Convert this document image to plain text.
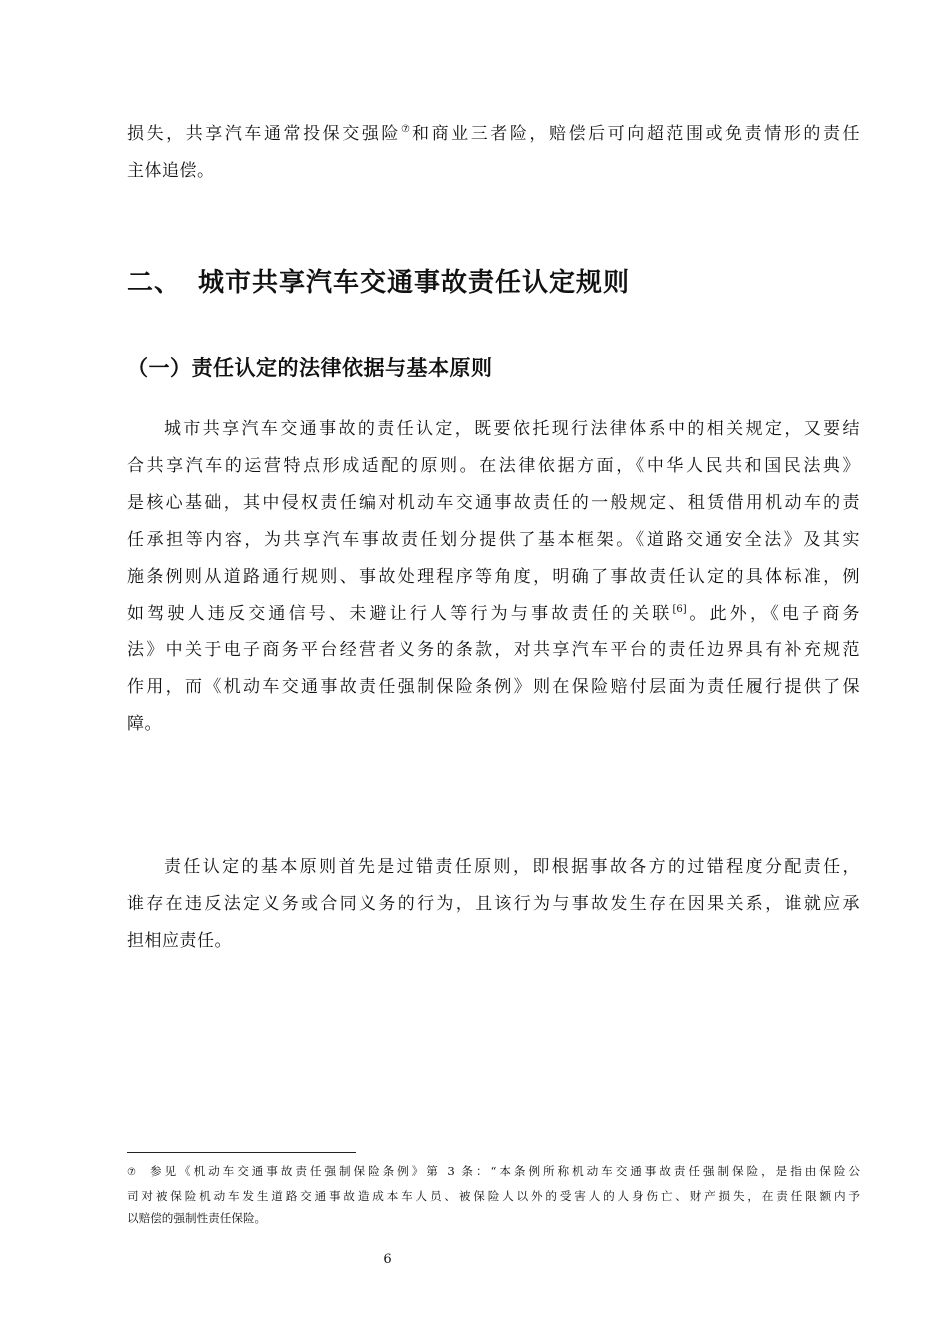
损失，共享汽车通常投保交强险⑦和商业三者险，赔偿后可向超范围或免责情形的责任
主体追偿。

二、 城市共享汽车交通事故责任认定规则
（一）责任认定的法律依据与基本原则

城市共享汽车交通事故的责任认定，既要依托现行法律体系中的相关规定，又要结
合共享汽车的运营特点形成适配的原则。在法律依据方面，《中华人民共和国民法典》
是核心基础，其中侵权责任编对机动车交通事故责任的一般规定、租赁借用机动车的责
任承担等内容，为共享汽车事故责任划分提供了基本框架。《道路交通安全法》及其实
施条例则从道路通行规则、事故处理程序等角度，明确了事故责任认定的具体标准，例
如驾驶人违反交通信号、未避让行人等行为与事故责任的关联[6]。此外，《电子商务
法》中关于电子商务平台经营者义务的条款，对共享汽车平台的责任边界具有补充规范
作用，而《机动车交通事故责任强制保险条例》则在保险赔付层面为责任履行提供了保
障。

责任认定的基本原则首先是过错责任原则，即根据事故各方的过错程度分配责任，
谁存在违反法定义务或合同义务的行为，且该行为与事故发生存在因果关系，谁就应承
担相应责任。

⑦ 参见《机动车交通事故责任强制保险条例》第 3 条：“本条例所称机动车交通事故责任强制保险，是指由保险公
司对被保险机动车发生道路交通事故造成本车人员、被保险人以外的受害人的人身伤亡、财产损失，在责任限额内予
以赔偿的强制性责任保险。
6
